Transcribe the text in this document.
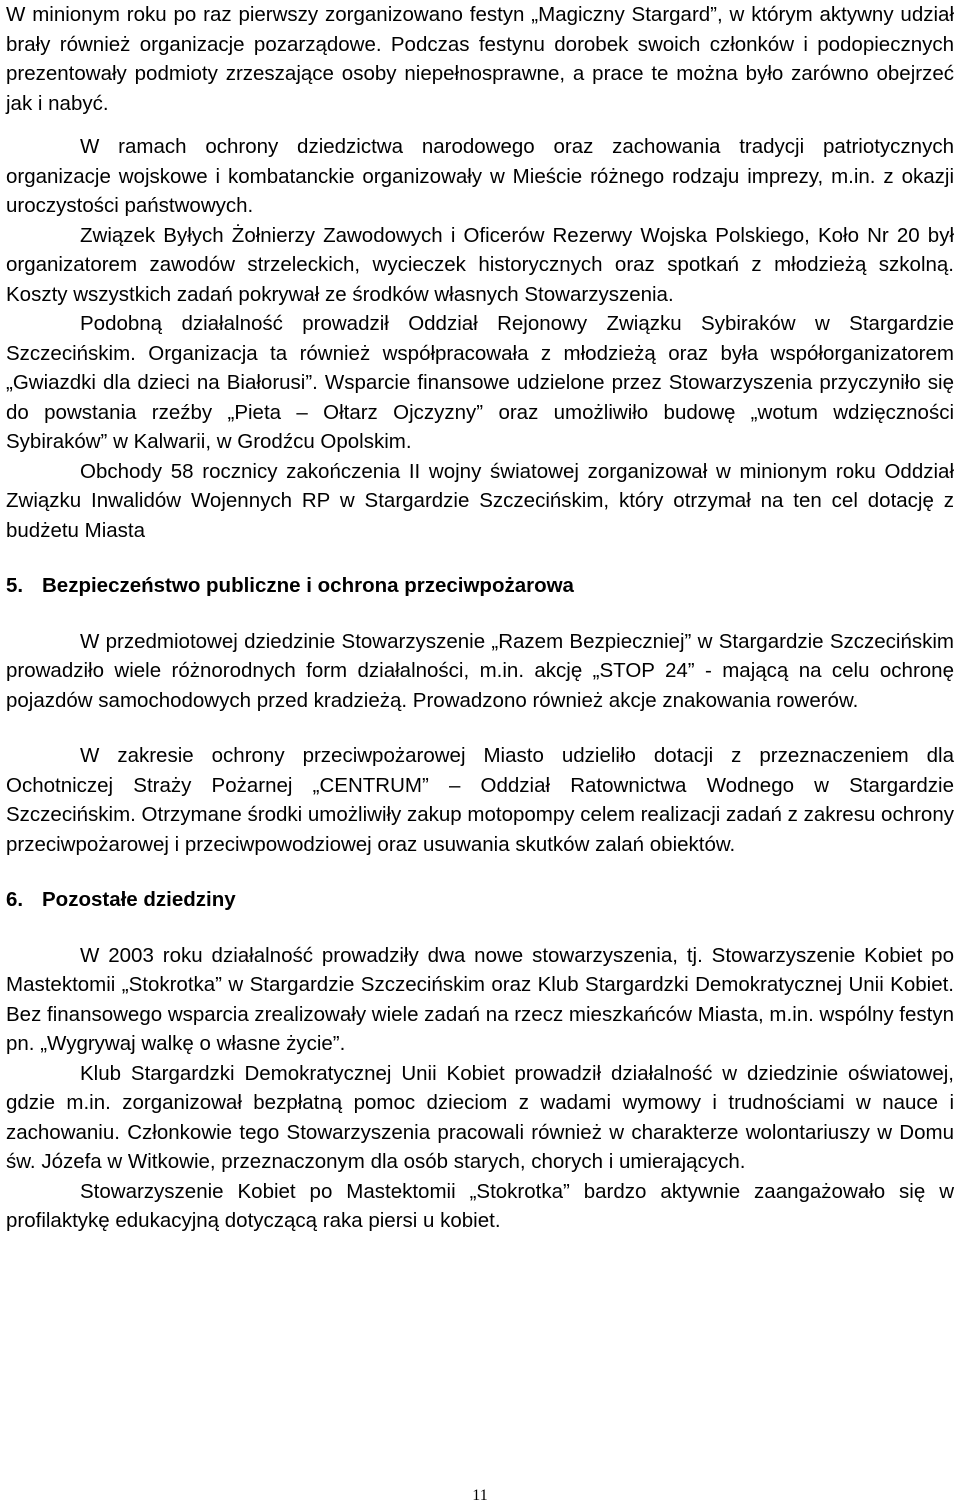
W minionym roku po raz pierwszy zorganizowano festyn „Magiczny Stargard”, w którym aktywny udział brały również organizacje pozarządowe. Podczas festynu dorobek swoich członków i podopiecznych prezentowały podmioty zrzeszające osoby niepełnosprawne, a prace te można było zarówno obejrzeć jak i nabyć.

W ramach ochrony dziedzictwa narodowego oraz zachowania tradycji patriotycznych organizacje wojskowe i kombatanckie organizowały w Mieście różnego rodzaju imprezy, m.in. z okazji uroczystości państwowych.

Związek Byłych Żołnierzy Zawodowych i Oficerów Rezerwy Wojska Polskiego, Koło Nr 20 był organizatorem zawodów strzeleckich, wycieczek historycznych oraz spotkań z młodzieżą szkolną. Koszty wszystkich zadań pokrywał ze środków własnych Stowarzyszenia.

Podobną działalność prowadził Oddział Rejonowy Związku Sybiraków w Stargardzie Szczecińskim. Organizacja ta również współpracowała z młodzieżą oraz była współorganizatorem „Gwiazdki dla dzieci na Białorusi”. Wsparcie finansowe udzielone przez Stowarzyszenia przyczyniło się do powstania rzeźby „Pieta – Ołtarz Ojczyzny” oraz umożliwiło budowę „wotum wdzięczności Sybiraków” w Kalwarii, w Grodźcu Opolskim.

Obchody 58 rocznicy zakończenia II wojny światowej zorganizował w minionym roku Oddział Związku Inwalidów Wojennych RP w Stargardzie Szczecińskim, który otrzymał na ten cel dotację z budżetu Miasta

5. Bezpieczeństwo publiczne i ochrona przeciwpożarowa

W przedmiotowej dziedzinie Stowarzyszenie „Razem Bezpieczniej” w Stargardzie Szczecińskim prowadziło wiele różnorodnych form działalności, m.in. akcję „STOP 24” - mającą na celu ochronę pojazdów samochodowych przed kradzieżą. Prowadzono również akcje znakowania rowerów.

W zakresie ochrony przeciwpożarowej Miasto udzieliło dotacji z przeznaczeniem dla Ochotniczej Straży Pożarnej „CENTRUM” – Oddział Ratownictwa Wodnego w Stargardzie Szczecińskim. Otrzymane środki umożliwiły zakup motopompy celem realizacji zadań z zakresu ochrony przeciwpożarowej i przeciwpowodziowej oraz usuwania skutków zalań obiektów.

6. Pozostałe dziedziny

W 2003 roku działalność prowadziły dwa nowe stowarzyszenia, tj. Stowarzyszenie Kobiet po Mastektomii „Stokrotka” w Stargardzie Szczecińskim oraz Klub Stargardzki Demokratycznej Unii Kobiet. Bez finansowego wsparcia zrealizowały wiele zadań na rzecz mieszkańców Miasta, m.in. wspólny festyn pn. „Wygrywaj walkę o własne życie”.

Klub Stargardzki Demokratycznej Unii Kobiet prowadził działalność w dziedzinie oświatowej, gdzie m.in. zorganizował bezpłatną pomoc dzieciom z wadami wymowy i trudnościami w nauce i zachowaniu. Członkowie tego Stowarzyszenia pracowali również w charakterze wolontariuszy w Domu św. Józefa w Witkowie, przeznaczonym dla osób starych, chorych i umierających.

Stowarzyszenie Kobiet po Mastektomii „Stokrotka” bardzo aktywnie zaangażowało się w profilaktykę edukacyjną dotyczącą raka piersi u kobiet.

11
